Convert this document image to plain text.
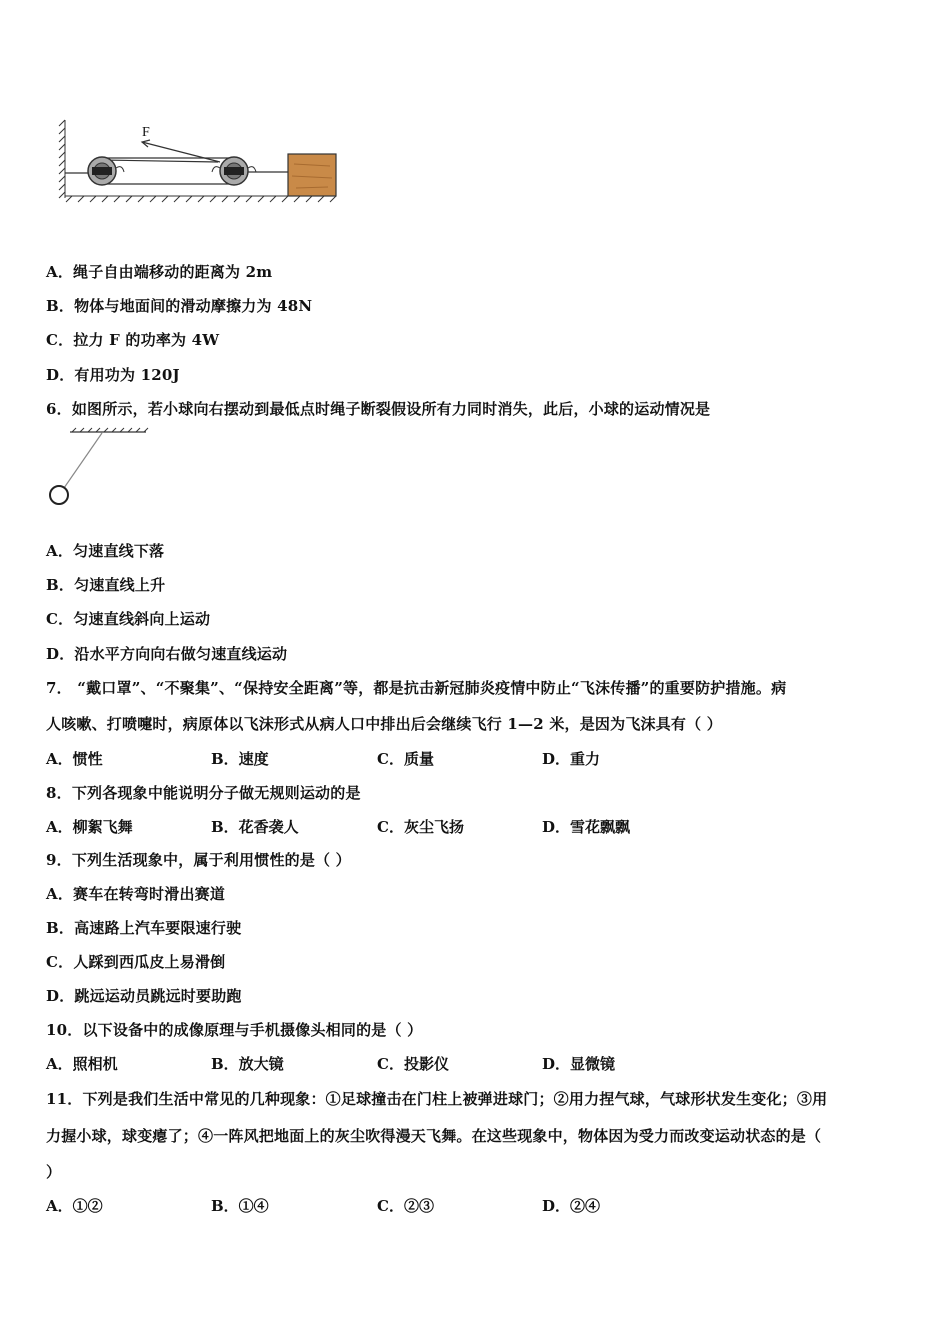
F
A．绳子自由端移动的距离为 2m
B．物体与地面间的滑动摩擦力为 48N
C．拉力 F 的功率为 4W
D．有用功为 120J
6．如图所示，若小球向右摆动到最低点时绳子断裂假设所有力同时消失，此后，小球的运动情况是
A．匀速直线下落
B．匀速直线上升
C．匀速直线斜向上运动
D．沿水平方向向右做匀速直线运动
7． “戴口罩”、“不聚集”、“保持安全距离”等，都是抗击新冠肺炎疫情中防止“飞沫传播”的重要防护措施。病
人咳嗽、打喷嚏时，病原体以飞沫形式从病人口中排出后会继续飞行 1—2 米，是因为飞沫具有（ ）
A．惯性	B．速度	C．质量	D．重力
8．下列各现象中能说明分子做无规则运动的是
A．柳絮飞舞	B．花香袭人	C．灰尘飞扬	D．雪花飘飘
9．下列生活现象中，属于利用惯性的是（ ）
A．赛车在转弯时滑出赛道
B．高速路上汽车要限速行驶
C．人踩到西瓜皮上易滑倒
D．跳远运动员跳远时要助跑
10．以下设备中的成像原理与手机摄像头相同的是（ ）
A．照相机	B．放大镜	C．投影仪	D．显微镜
11．下列是我们生活中常见的几种现象：①足球撞击在门柱上被弹进球门；②用力捏气球，气球形状发生变化；③用
力握小球，球变瘪了；④一阵风把地面上的灰尘吹得漫天飞舞。在这些现象中，物体因为受力而改变运动状态的是（
）
A．①②	B．①④	C．②③	D．②④
